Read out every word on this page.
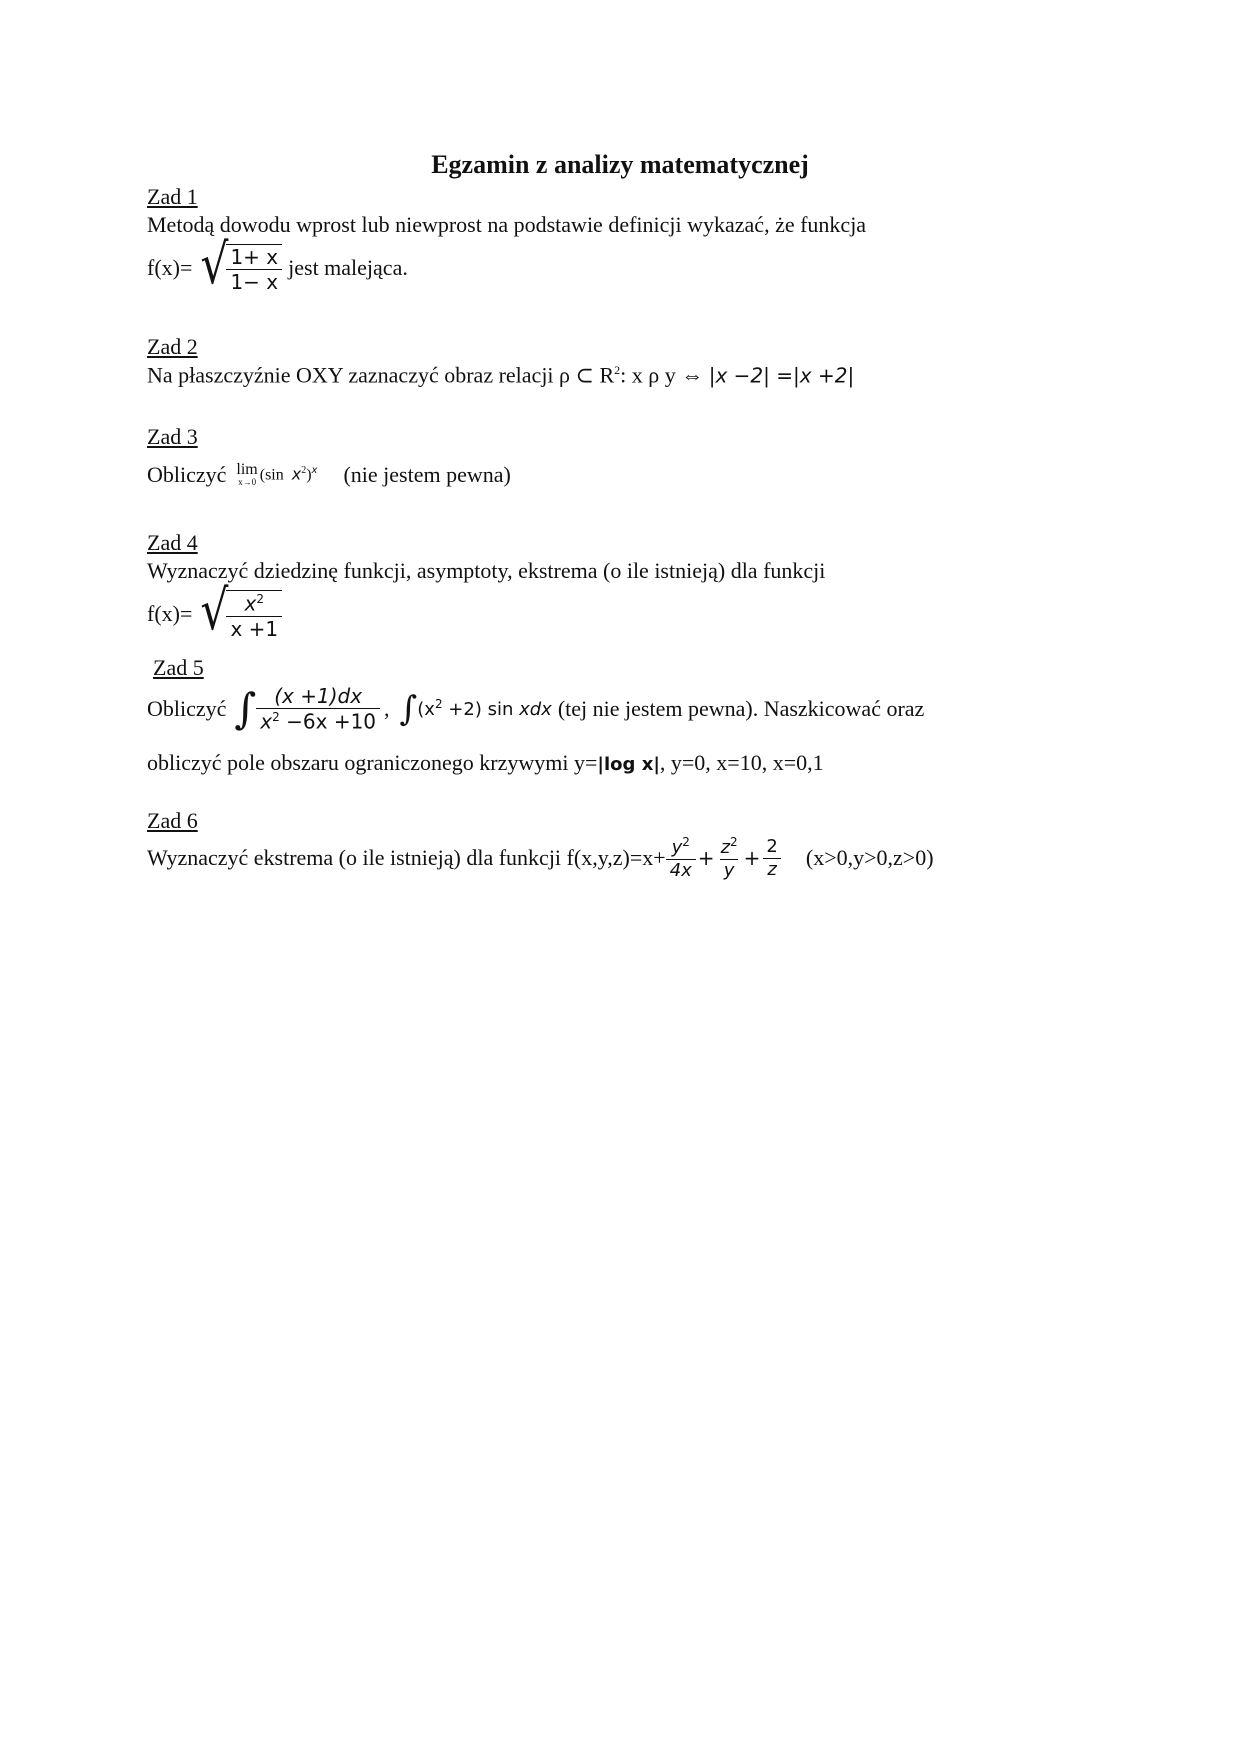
Egzamin z analizy matematycznej
Zad 1
Metodą dowodu wprost lub niewprost na podstawie definicji wykazać, że funkcja
f(x)= √
$\frac{1+ x}{1- x}$ jest malejąca.
Zad 2
Na płaszczyźnie OXY zaznaczyć obraz relacji ρ ⊂ $R^2$: x ρ y ⇔ |x −2| =|x +2|
Zad 3
Obliczyć lim
x→0 (sin $x^2)^x$ (nie jestem pewna)
Zad 4
Wyznaczyć dziedzinę funkcji, asymptoty, ekstrema (o ile istnieją) dla funkcji
f(x)= √
$\frac{x^2}{x +1}$
Zad 5
Obliczyć ∫ $\frac{(x +1)dx}{x^2 -6x +10}$ , ∫ $(x^2 +2)$ sin xdx (tej nie jestem pewna). Naszkicować oraz
obliczyć pole obszaru ograniczonego krzywymi y=|log x|, y=0, x=10, x=0,1
Zad 6
Wyznaczyć ekstrema (o ile istnieją) dla funkcji $f(x,y,z)=x+ \frac{y^2}{4x} + \frac{z^2}{y} + \frac{2}{z} (x>0,y>0,z>0)$
